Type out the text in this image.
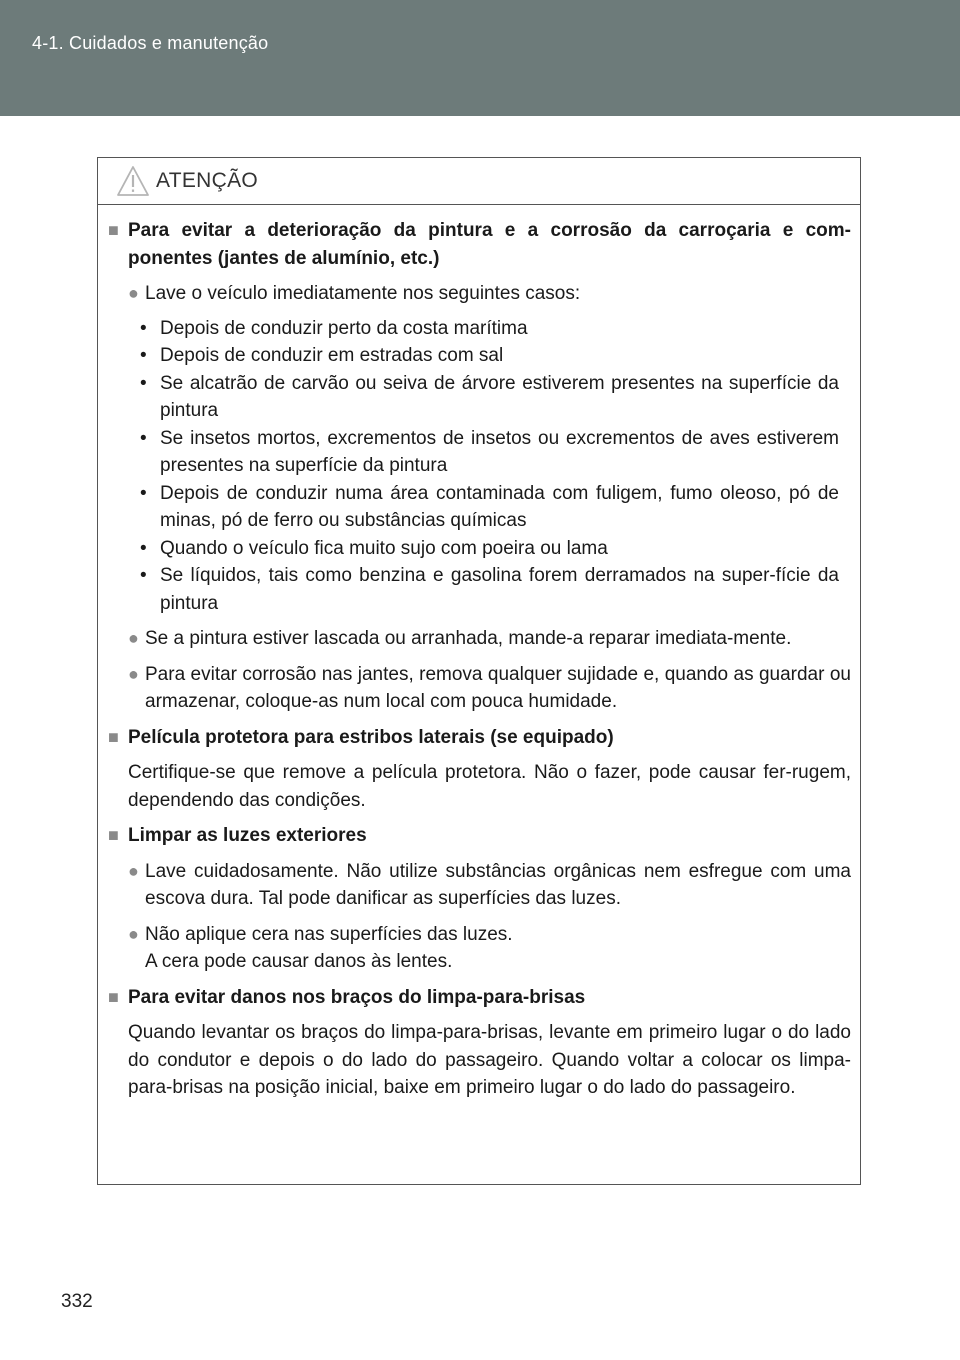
4-1. Cuidados e manutenção
ATENÇÃO
■ Para evitar a deterioração da pintura e a corrosão da carroçaria e com-ponentes (jantes de alumínio, etc.)
● Lave o veículo imediatamente nos seguintes casos:
• Depois de conduzir perto da costa marítima
• Depois de conduzir em estradas com sal
• Se alcatrão de carvão ou seiva de árvore estiverem presentes na superfície da pintura
• Se insetos mortos, excrementos de insetos ou excrementos de aves estiverem presentes na superfície da pintura
• Depois de conduzir numa área contaminada com fuligem, fumo oleoso, pó de minas, pó de ferro ou substâncias químicas
• Quando o veículo fica muito sujo com poeira ou lama
• Se líquidos, tais como benzina e gasolina forem derramados na super-fície da pintura
● Se a pintura estiver lascada ou arranhada, mande-a reparar imediata-mente.
● Para evitar corrosão nas jantes, remova qualquer sujidade e, quando as guardar ou armazenar, coloque-as num local com pouca humidade.
■ Película protetora para estribos laterais (se equipado)
Certifique-se que remove a película protetora. Não o fazer, pode causar fer-rugem, dependendo das condições.
■ Limpar as luzes exteriores
● Lave cuidadosamente. Não utilize substâncias orgânicas nem esfregue com uma escova dura. Tal pode danificar as superfícies das luzes.
● Não aplique cera nas superfícies das luzes.
A cera pode causar danos às lentes.
■ Para evitar danos nos braços do limpa-para-brisas
Quando levantar os braços do limpa-para-brisas, levante em primeiro lugar o do lado do condutor e depois o do lado do passageiro. Quando voltar a colocar os limpa-para-brisas na posição inicial, baixe em primeiro lugar o do lado do passageiro.
332
